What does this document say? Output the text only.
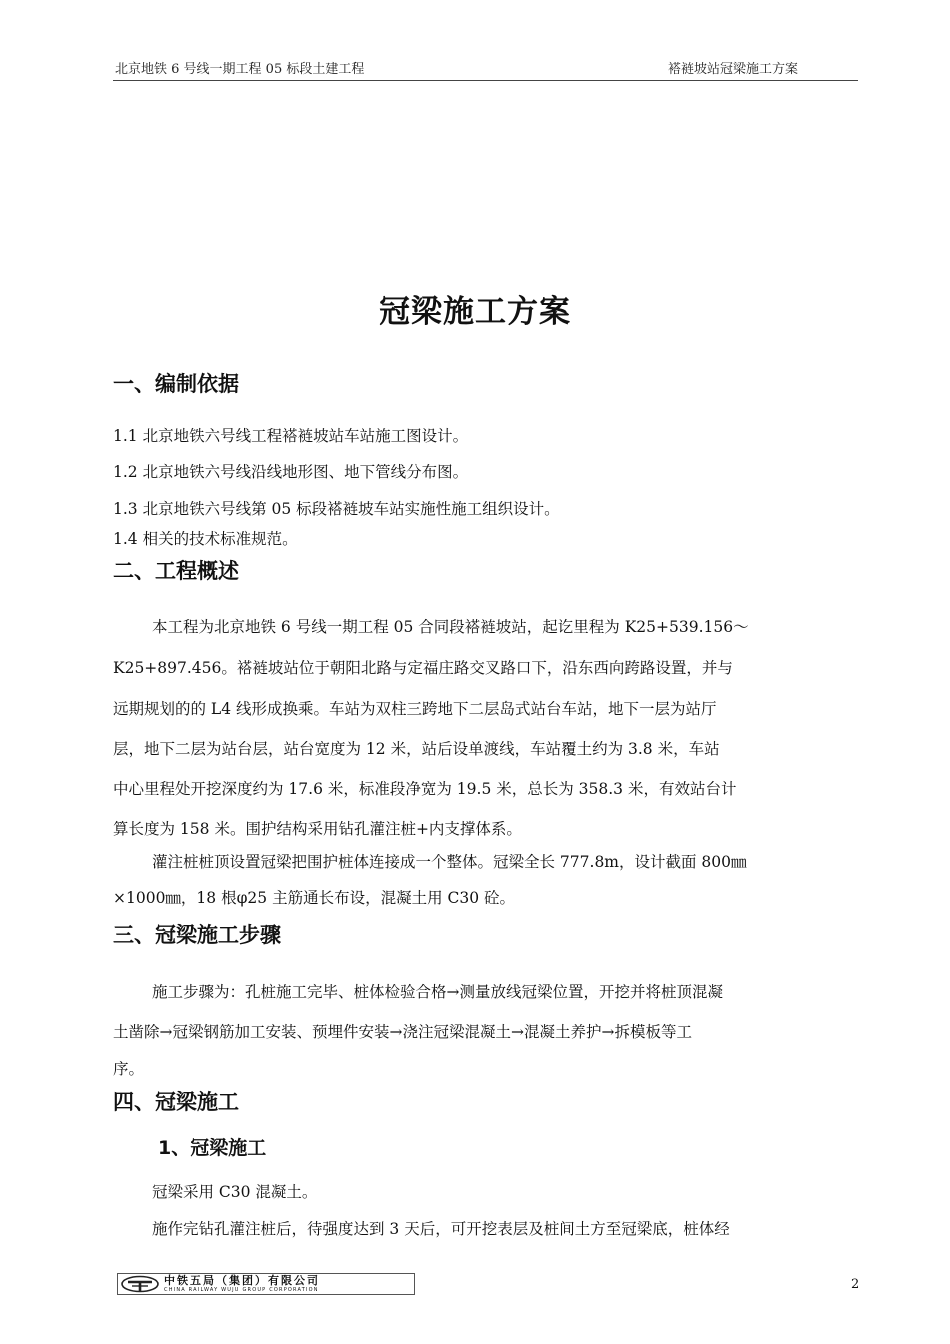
北京地铁 6 号线一期工程 05 标段土建工程	褡裢坡站冠梁施工方案
冠梁施工方案
一、编制依据
1.1 北京地铁六号线工程褡裢坡站车站施工图设计。
1.2 北京地铁六号线沿线地形图、地下管线分布图。
1.3 北京地铁六号线第 05 标段褡裢坡车站实施性施工组织设计。
1.4 相关的技术标准规范。
二、工程概述
本工程为北京地铁 6 号线一期工程 05 合同段褡裢坡站，起讫里程为 K25+539.156～
K25+897.456。褡裢坡站位于朝阳北路与定福庄路交叉路口下，沿东西向跨路设置，并与
远期规划的的 L4 线形成换乘。车站为双柱三跨地下二层岛式站台车站，地下一层为站厅
层，地下二层为站台层，站台宽度为 12 米，站后设单渡线，车站覆土约为 3.8 米，车站
中心里程处开挖深度约为 17.6 米，标准段净宽为 19.5 米，总长为 358.3 米，有效站台计
算长度为 158 米。围护结构采用钻孔灌注桩+内支撑体系。
灌注桩桩顶设置冠梁把围护桩体连接成一个整体。冠梁全长 777.8m，设计截面 800㎜
×1000㎜，18 根φ25 主筋通长布设，混凝土用 C30 砼。
三、冠梁施工步骤
施工步骤为：孔桩施工完毕、桩体检验合格→测量放线冠梁位置，开挖并将桩顶混凝
土凿除→冠梁钢筋加工安装、预埋件安装→浇注冠梁混凝土→混凝土养护→拆模板等工
序。
四、冠梁施工
1、冠梁施工
冠梁采用 C30 混凝土。
施作完钻孔灌注桩后，待强度达到 3 天后，可开挖表层及桩间土方至冠梁底，桩体经
中铁五局（集团）有限公司
CHINA RAILWAY WUJU GROUP CORPORATION	2
